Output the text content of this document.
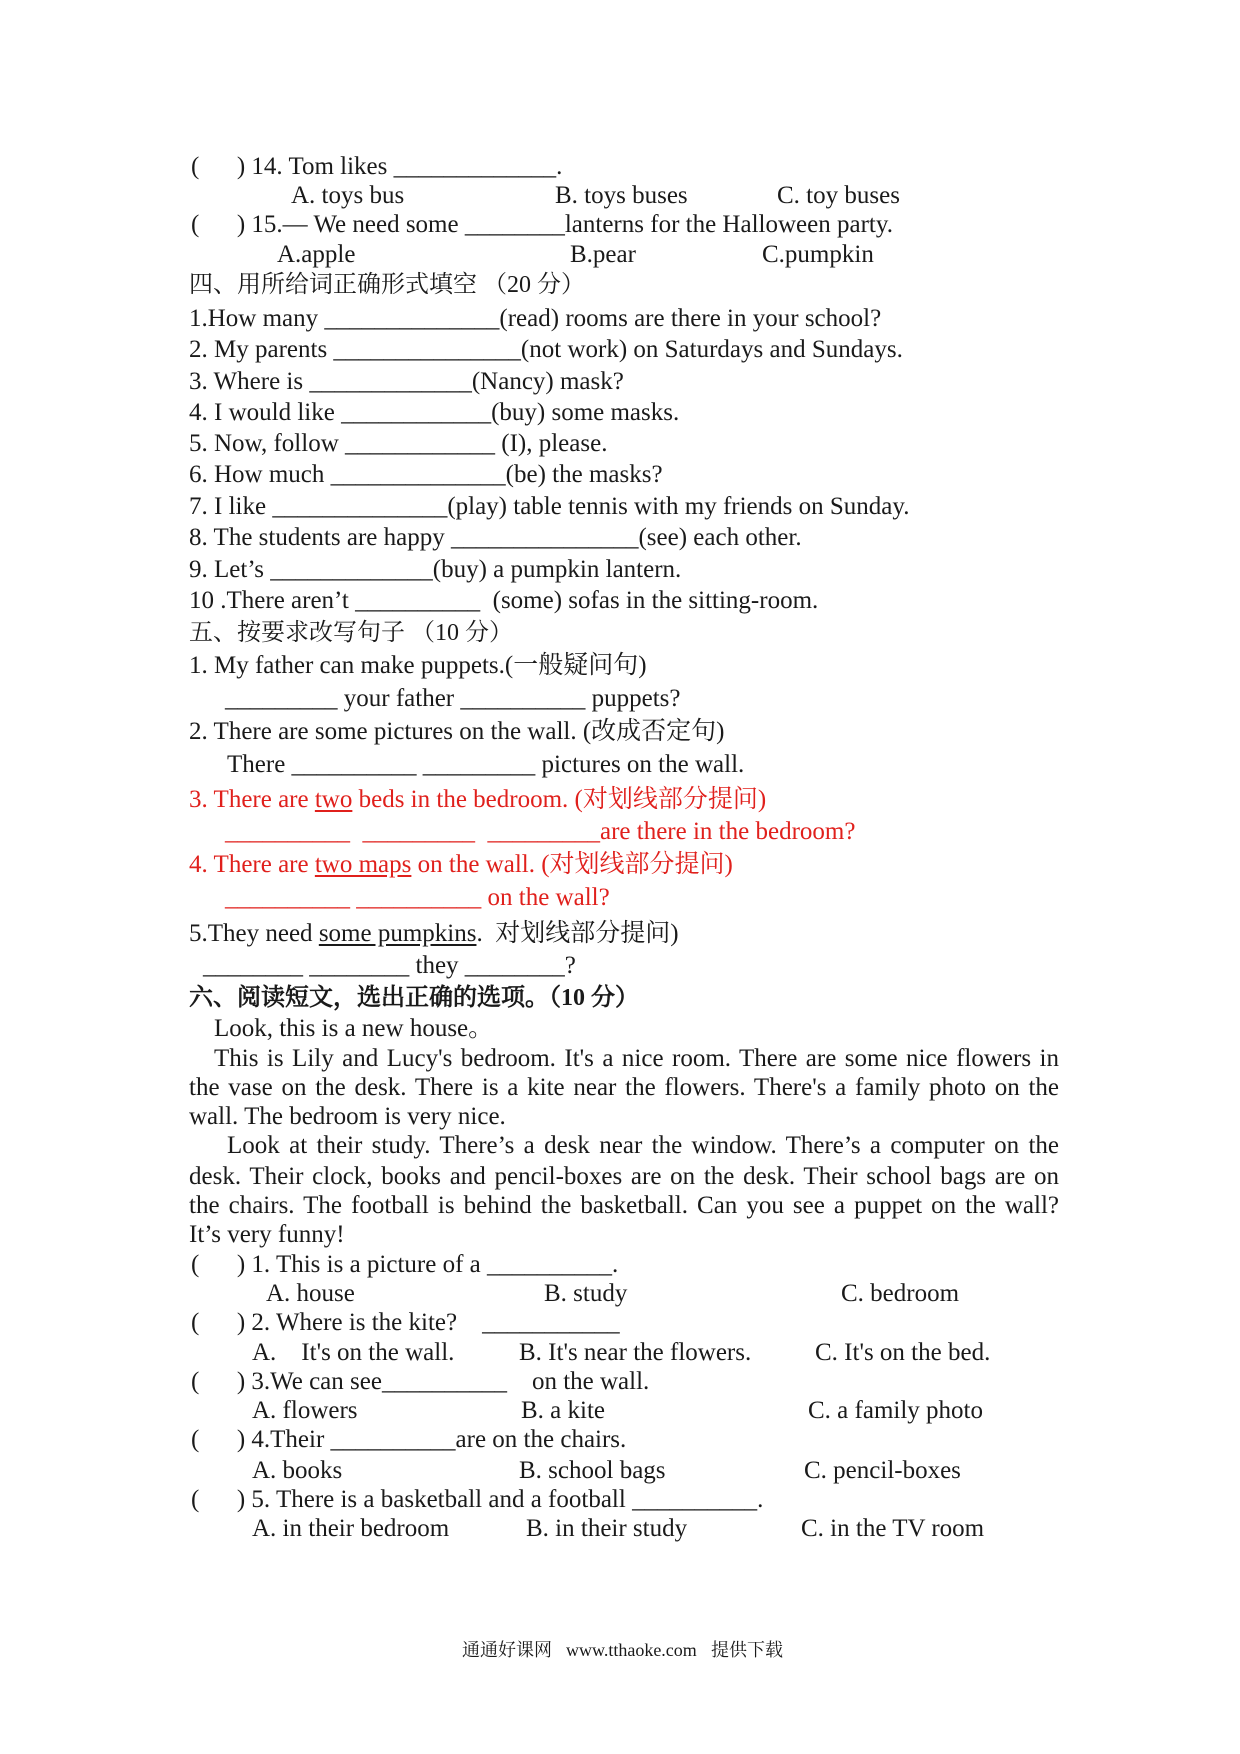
(      ) 14. Tom likes _____________.
A. toys bus	B. toys buses	C. toy buses
(      ) 15.— We need some ________lanterns for the Halloween party.
A.apple	B.pear	C.pumpkin
四、用所给词正确形式填空 （20 分）
1.How many ______________(read) rooms are there in your school?
2. My parents _______________(not work) on Saturdays and Sundays.
3. Where is _____________(Nancy) mask?
4. I would like ____________(buy) some masks.
5. Now, follow ____________ (I), please.
6. How much ______________(be) the masks?
7. I like ______________(play) table tennis with my friends on Sunday.
8. The students are happy _______________(see) each other.
9. Let’s _____________(buy) a pumpkin lantern.
10 .There aren’t __________  (some) sofas in the sitting-room.
五、按要求改写句子 （10 分）
1. My father can make puppets.(一般疑问句)
_________ your father __________ puppets?
2. There are some pictures on the wall. (改成否定句)
There __________ _________ pictures on the wall.
3. There are two beds in the bedroom. (对划线部分提问)
__________  _________  _________are there in the bedroom?
4. There are two maps on the wall. (对划线部分提问)
__________ __________ on the wall?
5.They need some pumpkins.  对划线部分提问)
________ ________ they ________?
六、阅读短文，选出正确的选项。（10 分）
Look, this is a new house。
This is Lily and Lucy's bedroom. It's a nice room. There are some nice flowers in
the vase on the desk. There is a kite near the flowers. There's a family photo on the
wall. The bedroom is very nice.
Look at their study. There’s a desk near the window. There’s a computer on the
desk. Their clock, books and pencil-boxes are on the desk. Their school bags are on
the chairs. The football is behind the basketball. Can you see a puppet on the wall?
It’s very funny!
(      ) 1. This is a picture of a __________.
A. house	B. study	C. bedroom
(      ) 2. Where is the kite?    ___________
A.    It's on the wall.	B. It's near the flowers.	C. It's on the bed.
(      ) 3.We can see__________    on the wall.
A. flowers	B. a kite	C. a family photo
(      ) 4.Their __________are on the chairs.
A. books	B. school bags	C. pencil-boxes
(      ) 5. There is a basketball and a football __________.
A. in their bedroom	B. in their study	C. in the TV room
通通好课网 www.tthaoke.com 提供下载
